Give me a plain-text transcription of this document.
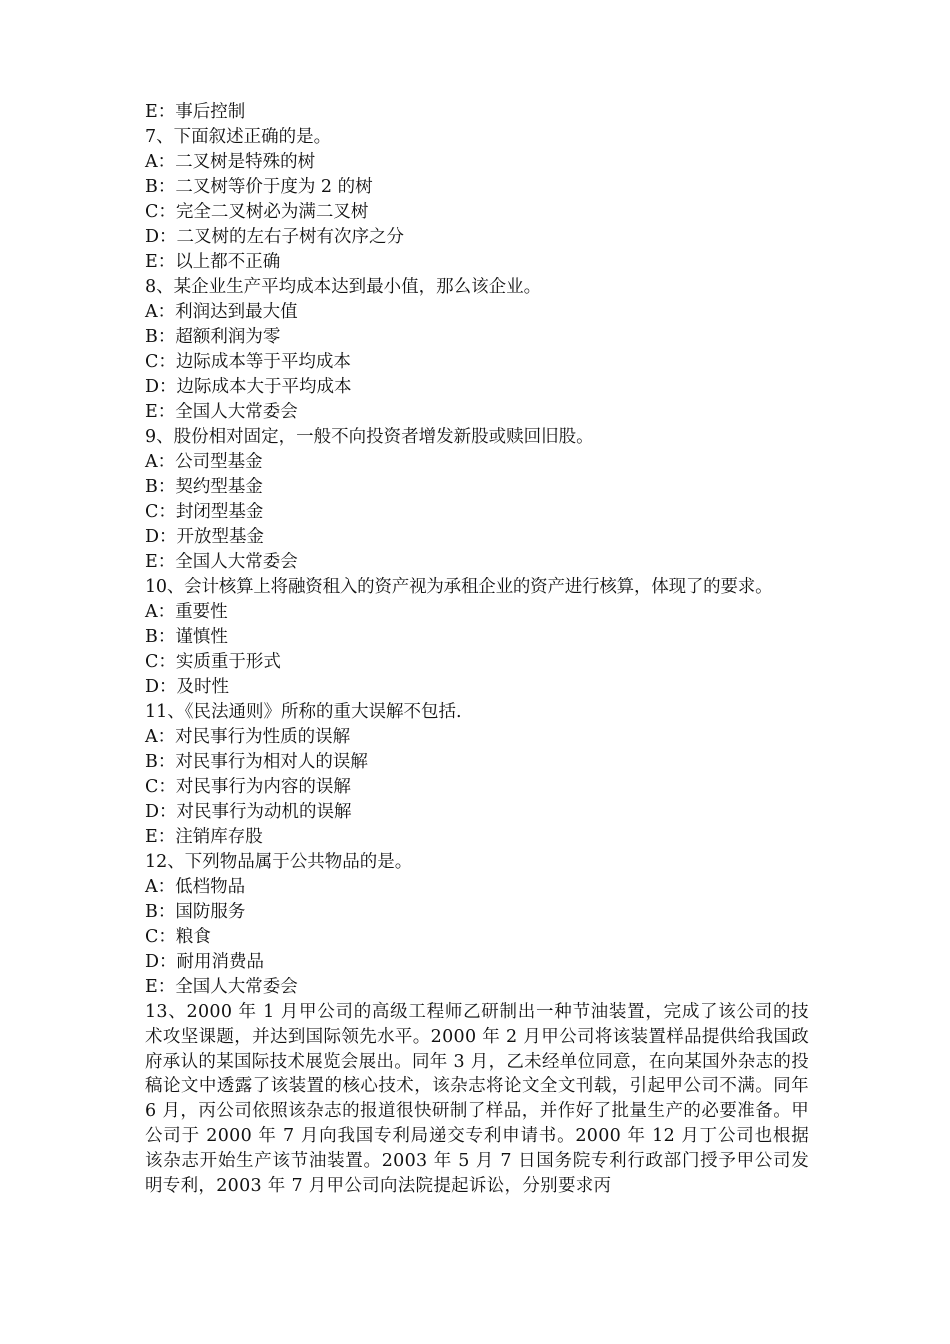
E：事后控制
7、下面叙述正确的是。
A：二叉树是特殊的树
B：二叉树等价于度为 2 的树
C：完全二叉树必为满二叉树
D：二叉树的左右子树有次序之分
E：以上都不正确
8、某企业生产平均成本达到最小值，那么该企业。
A：利润达到最大值
B：超额利润为零
C：边际成本等于平均成本
D：边际成本大于平均成本
E：全国人大常委会
9、股份相对固定，一般不向投资者增发新股或赎回旧股。
A：公司型基金
B：契约型基金
C：封闭型基金
D：开放型基金
E：全国人大常委会
10、会计核算上将融资租入的资产视为承租企业的资产进行核算，体现了的要求。
A：重要性
B：谨慎性
C：实质重于形式
D：及时性
11、《民法通则》所称的重大误解不包括.
A：对民事行为性质的误解
B：对民事行为相对人的误解
C：对民事行为内容的误解
D：对民事行为动机的误解
E：注销库存股
12、下列物品属于公共物品的是。
A：低档物品
B：国防服务
C：粮食
D：耐用消费品
E：全国人大常委会
13、2000 年 1 月甲公司的高级工程师乙研制出一种节油装置，完成了该公司的技术攻坚课题，并达到国际领先水平。2000 年 2 月甲公司将该装置样品提供给我国政府承认的某国际技术展览会展出。同年 3 月，乙未经单位同意，在向某国外杂志的投稿论文中透露了该装置的核心技术，该杂志将论文全文刊载，引起甲公司不满。同年 6 月，丙公司依照该杂志的报道很快研制了样品，并作好了批量生产的必要准备。甲公司于 2000 年 7 月向我国专利局递交专利申请书。2000 年 12 月丁公司也根据该杂志开始生产该节油装置。2003 年 5 月 7 日国务院专利行政部门授予甲公司发明专利，2003 年 7 月甲公司向法院提起诉讼，分别要求丙
